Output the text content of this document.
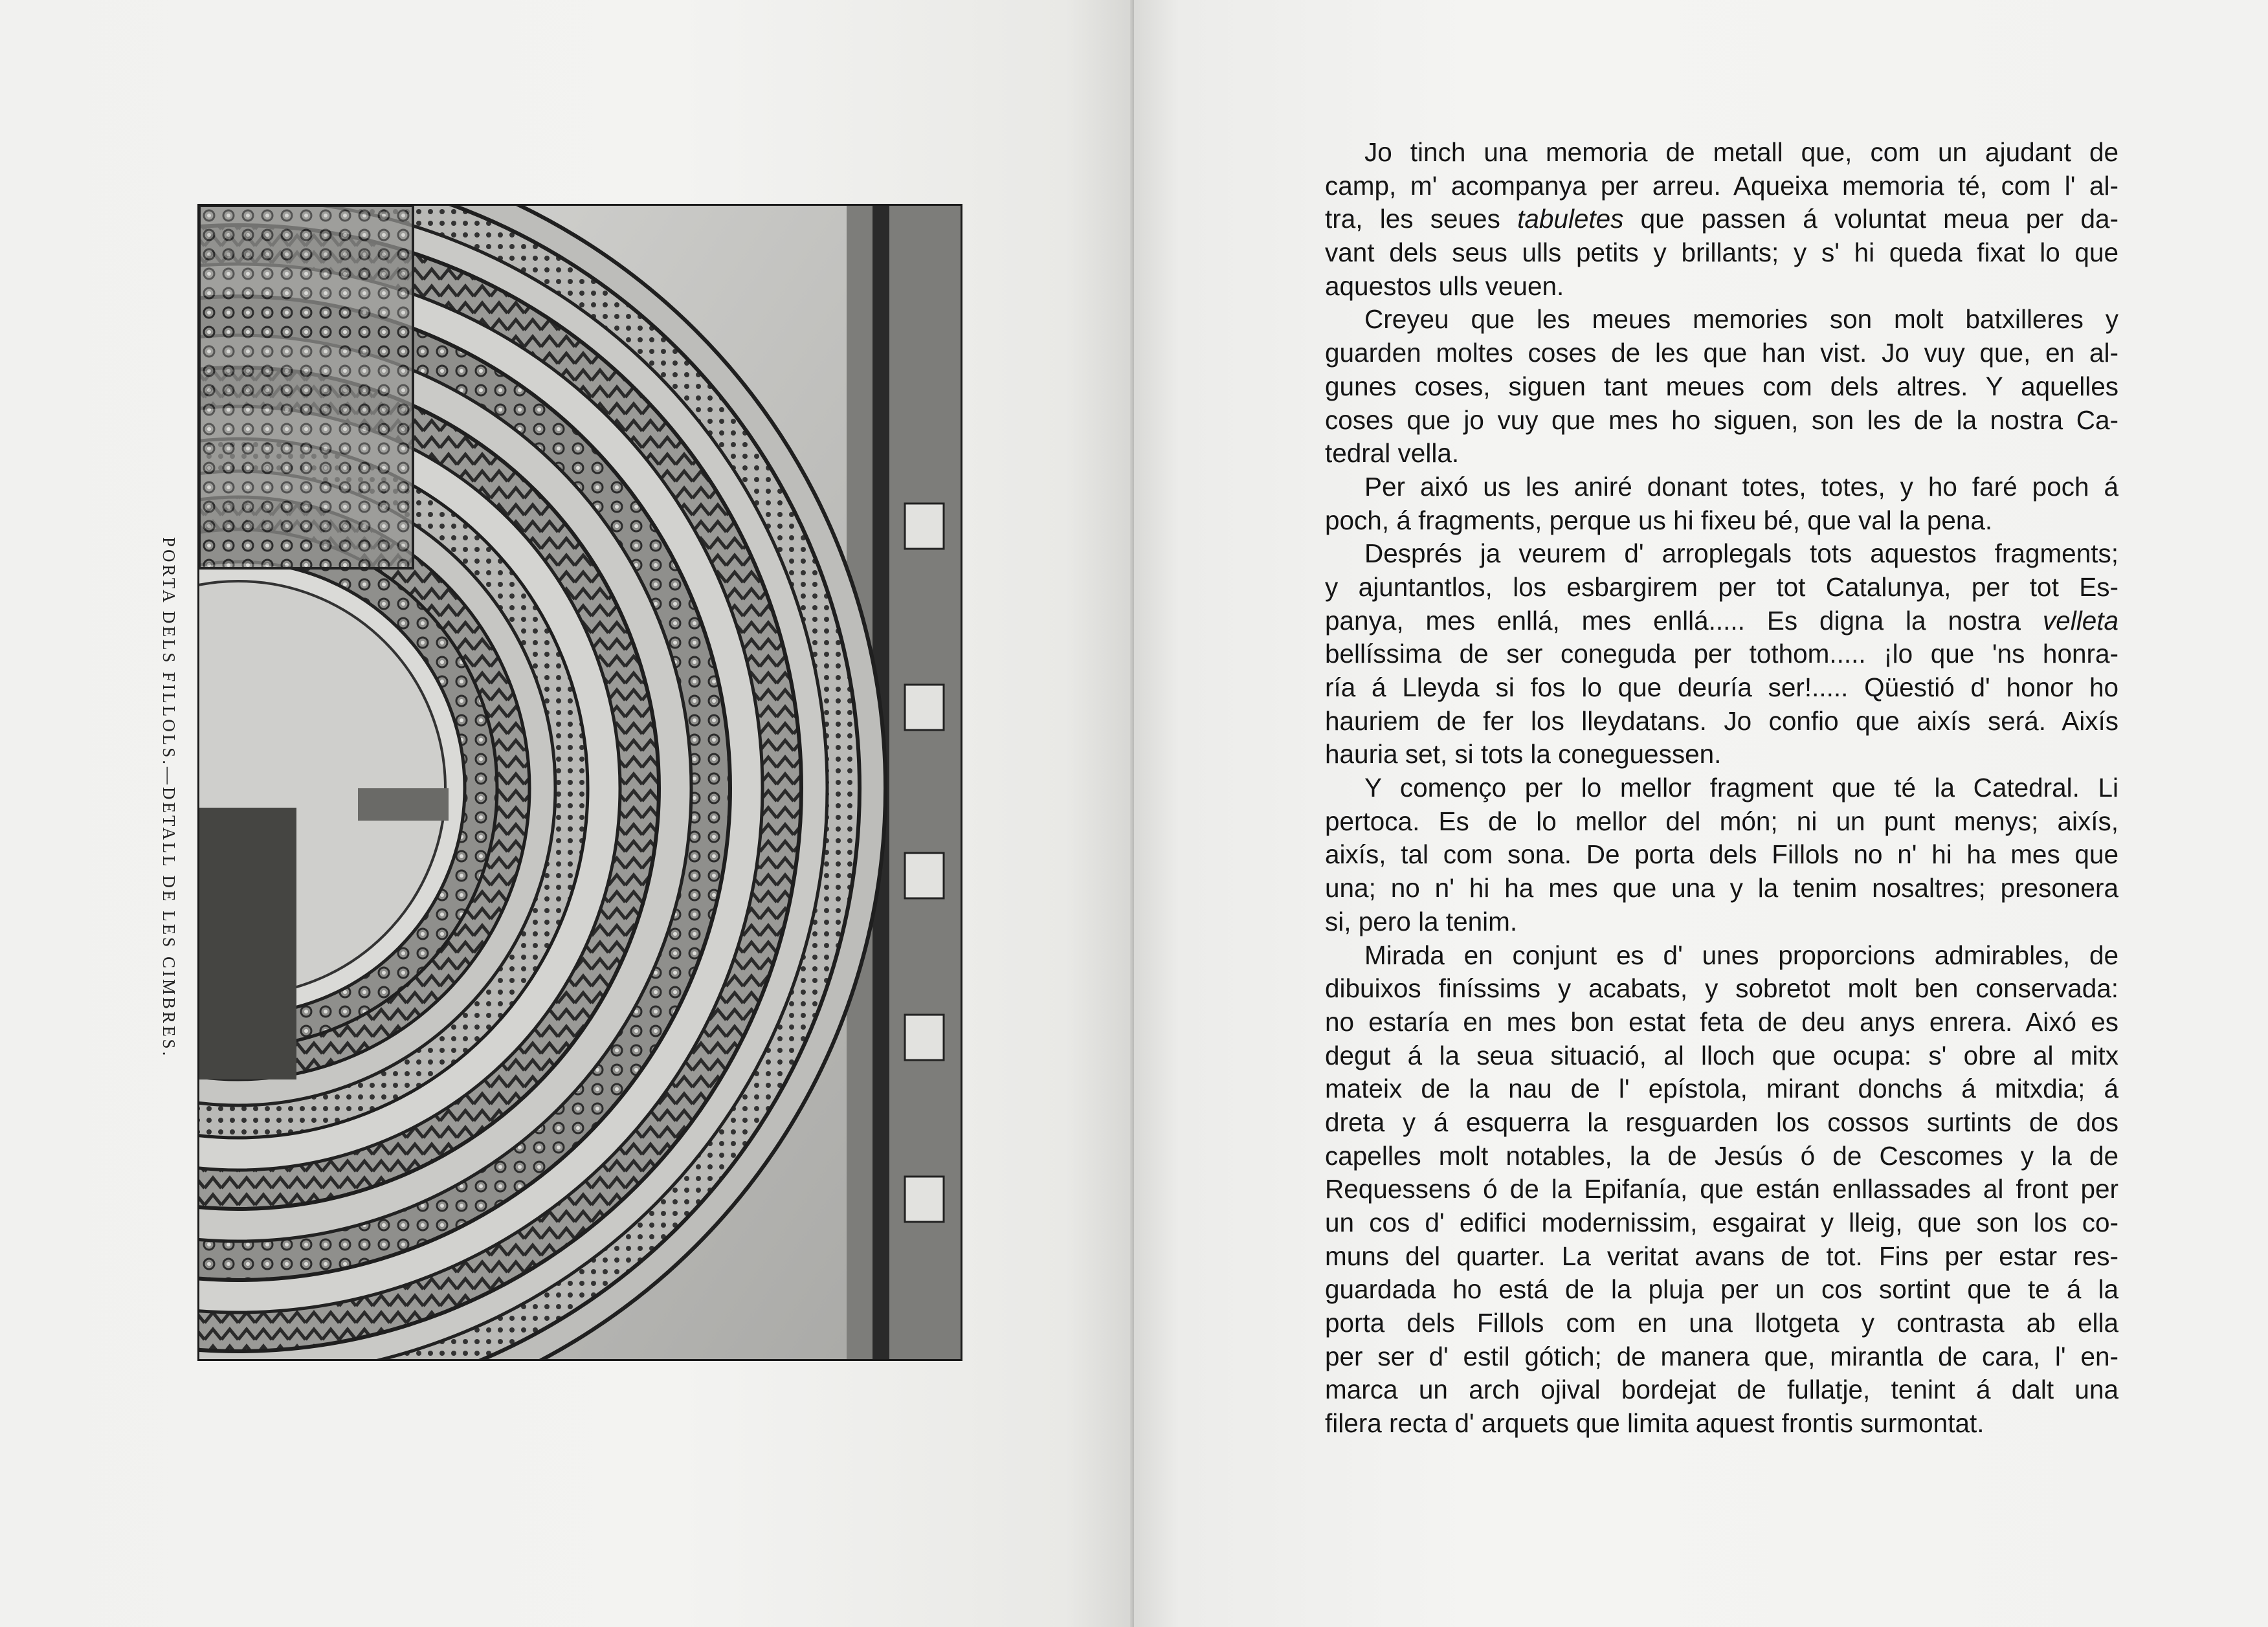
PORTA DELS FILLOLS.—DETALL DE LES CIMBRES.
Jo tinch una memoria de metall que, com un ajudant de
camp, m' acompanya per arreu. Aqueixa memoria té, com l' al-
tra, les seues tabuletes que passen á voluntat meua per da-
vant dels seus ulls petits y brillants; y s' hi queda fixat lo que
aquestos ulls veuen.
Creyeu que les meues memories son molt batxilleres y
guarden moltes coses de les que han vist. Jo vuy que, en al-
gunes coses, siguen tant meues com dels altres. Y aquelles
coses que jo vuy que mes ho siguen, son les de la nostra Ca-
tedral vella.
Per aixó us les aniré donant totes, totes, y ho faré poch á
poch, á fragments, perque us hi fixeu bé, que val la pena.
Després ja veurem d' arroplegals tots aquestos fragments;
y ajuntantlos, los esbargirem per tot Catalunya, per tot Es-
panya, mes enllá, mes enllá..... Es digna la nostra velleta
bellíssima de ser coneguda per tothom..... ¡lo que 'ns honra-
ría á Lleyda si fos lo que deuría ser!..... Qüestió d' honor ho
hauriem de fer los lleydatans. Jo confio que aixís será. Aixís
hauria set, si tots la coneguessen.
Y començo per lo mellor fragment que té la Catedral. Li
pertoca. Es de lo mellor del món; ni un punt menys; aixís,
aixís, tal com sona. De porta dels Fillols no n' hi ha mes que
una; no n' hi ha mes que una y la tenim nosaltres; presonera
si, pero la tenim.
Mirada en conjunt es d' unes proporcions admirables, de
dibuixos finíssims y acabats, y sobretot molt ben conservada:
no estaría en mes bon estat feta de deu anys enrera. Aixó es
degut á la seua situació, al lloch que ocupa: s' obre al mitx
mateix de la nau de l' epístola, mirant donchs á mitxdia; á
dreta y á esquerra la resguarden los cossos surtints de dos
capelles molt notables, la de Jesús ó de Cescomes y la de
Requessens ó de la Epifanía, que están enllassades al front per
un cos d' edifici modernissim, esgairat y lleig, que son los co-
muns del quarter. La veritat avans de tot. Fins per estar res-
guardada ho está de la pluja per un cos sortint que te á la
porta dels Fillols com en una llotgeta y contrasta ab ella
per ser d' estil gótich; de manera que, mirantla de cara, l' en-
marca un arch ojival bordejat de fullatje, tenint á dalt una
filera recta d' arquets que limita aquest frontis surmontat.
